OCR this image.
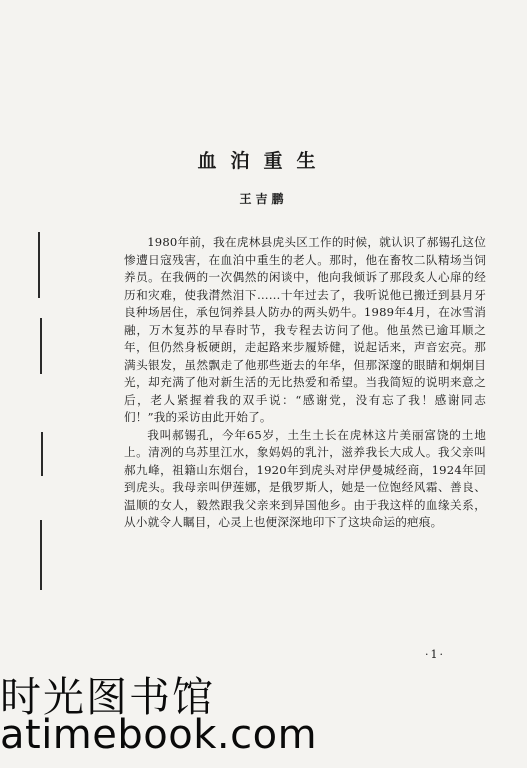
血泊重生
王吉鹏

1980年前，我在虎林县虎头区工作的时候，就认识了郝锡孔这位惨遭日寇残害，在血泊中重生的老人。那时，他在畜牧二队精场当饲养员。在我俩的一次偶然的闲谈中，他向我倾诉了那段炙人心扉的经历和灾难，使我潸然泪下……十年过去了，我听说他已搬迁到县月牙良种场居住，承包饲养县人防办的两头奶牛。1989年4月，在冰雪消融，万木复苏的早春时节，我专程去访问了他。他虽然已逾耳顺之年，但仍然身板硬朗，走起路来步履矫健，说起话来，声音宏亮。那满头银发，虽然飘走了他那些逝去的年华，但那深邃的眼睛和炯炯目光，却充满了他对新生活的无比热爱和希望。当我简短的说明来意之后，老人紧握着我的双手说：“感谢党，没有忘了我！感谢同志们！”我的采访由此开始了。

我叫郝锡孔，今年65岁，土生土长在虎林这片美丽富饶的土地上。清冽的乌苏里江水，象妈妈的乳汁，滋养我长大成人。我父亲叫郝九峰，祖籍山东烟台，1920年到虎头对岸伊曼城经商，1924年回到虎头。我母亲叫伊莲娜，是俄罗斯人，她是一位饱经风霜、善良、温顺的女人，毅然跟我父亲来到异国他乡。由于我这样的血缘关系，从小就令人瞩目，心灵上也便深深地印下了这块命运的疤痕。

·1·
时光图书馆
atimebook.com
